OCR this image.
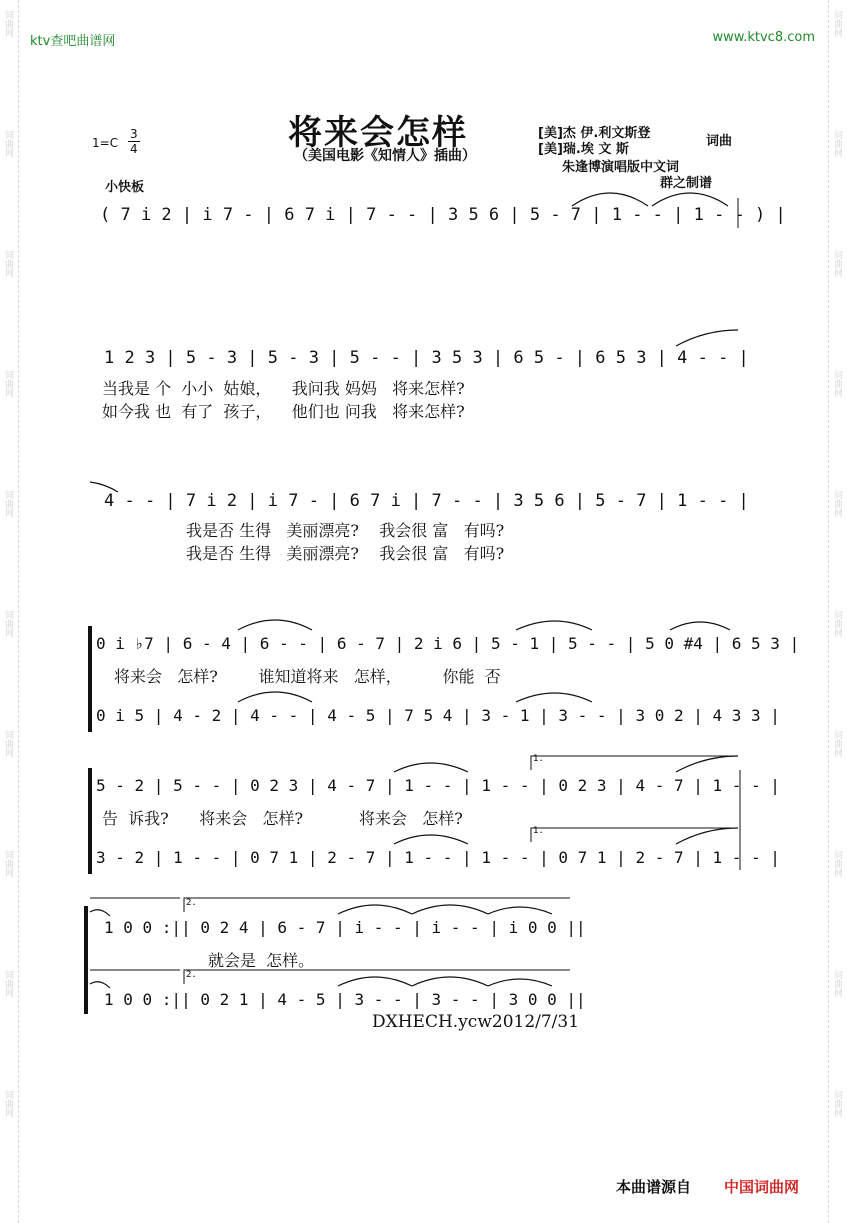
词曲网
词曲网
词曲网
词曲网
词曲网
词曲网
词曲网
词曲网
词曲网
词曲网
词曲网
词曲网
词曲网
词曲网
词曲网
词曲网
词曲网
词曲网
词曲网
词曲网
ktv查吧曲谱网	www.ktvc8.com
将来会怎样
（美国电影《知情人》插曲）
1=C
3
4
小快板
[美]杰 伊.利文斯登
[美]瑞.埃 文 斯
词曲
朱逢博演唱版中文词
群之制谱
( 7 i 2 | i 7 - | 6 7 i | 7 - - | 3 5 6 | 5 - 7 | 1 - - | 1 - - ) |
1 2 3 | 5 - 3 | 5 - 3 | 5 - - | 3 5 3 | 6 5 - | 6 5 3 | 4 - - |
当我是 个  小小  姑娘，    我问我 妈妈   将来怎样?
如今我 也  有了  孩子，    他们也 问我   将来怎样?
4 - - | 7 i 2 | i 7 - | 6 7 i | 7 - - | 3 5 6 | 5 - 7 | 1 - - |
我是否 生得   美丽漂亮?    我会很 富   有吗?
我是否 生得   美丽漂亮?    我会很 富   有吗?
0 i ♭7 | 6 - 4 | 6 - - | 6 - 7 | 2 i 6 | 5 - 1 | 5 - - | 5 0 #4 | 6 5 3 |
将来会   怎样?        谁知道将来   怎样，        你能  否
0 i 5 | 4 - 2 | 4 - - | 4 - 5 | 7 5 4 | 3 - 1 | 3 - - | 3 0 2 | 4 3 3 |
5 - 2 | 5 - - | 0 2 3 | 4 - 7 | 1 - - | 1 - - | 0 2 3 | 4 - 7 | 1 - - |
告  诉我?      将来会   怎样?           将来会   怎样?
3 - 2 | 1 - - | 0 7 1 | 2 - 7 | 1 - - | 1 - - | 0 7 1 | 2 - 7 | 1 - - |
1.
1.
1 0 0 :|| 0 2 4 | 6 - 7 | i - - | i - - | i 0 0 ||
就会是  怎样。
1 0 0 :|| 0 2 1 | 4 - 5 | 3 - - | 3 - - | 3 0 0 ||
2.
2.
DXHECH.ycw2012/7/31
本曲谱源自 中国词曲网
